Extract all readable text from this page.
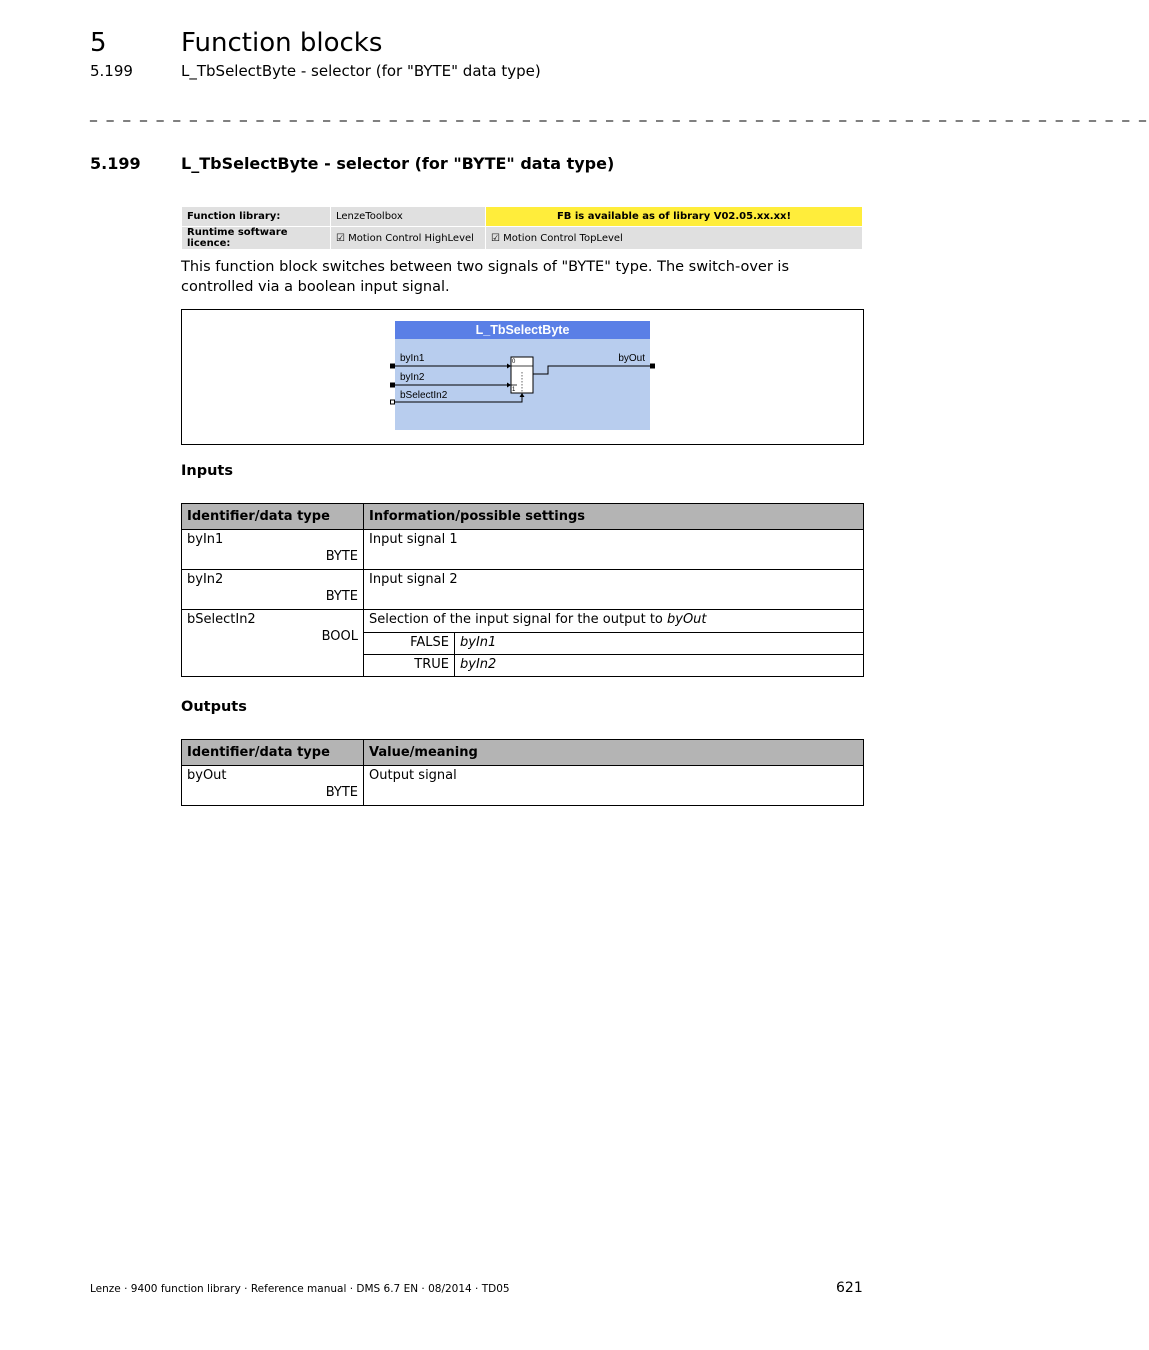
5	Function blocks
5.199	L_TbSelectByte - selector (for "BYTE" data type)
_ _ _ _ _ _ _ _ _ _ _ _ _ _ _ _ _ _ _ _ _ _ _ _ _ _ _ _ _ _ _ _ _ _ _ _ _ _ _ _ _ _ _ _ _ _ _ _ _ _ _ _ _ _ _ _ _ _ _ _ _ _ _ _
5.199	L_TbSelectByte - selector (for "BYTE" data type)
Function library:	LenzeToolbox	FB is available as of library V02.05.xx.xx!
Runtime software licence:	☑ Motion Control HighLevel	☑ Motion Control TopLevel
This function block switches between two signals of "BYTE" type. The switch-over is controlled via a boolean input signal.
L_TbSelectByte
byIn1
byIn2
bSelectIn2
byOut
0
1
Inputs
Identifier/data type	Information/possible settings	

byIn1
BYTE	Input signal 1	

byIn2
BYTE	Input signal 2	

bSelectIn2
BOOL	Selection of the input signal for the output to byOut	
	FALSE	byIn1
	TRUE	byIn2
Outputs
Identifier/data type	Value/meaning

byOut
BYTE	Output signal
Lenze · 9400 function library · Reference manual · DMS 6.7 EN · 08/2014 · TD05	621
